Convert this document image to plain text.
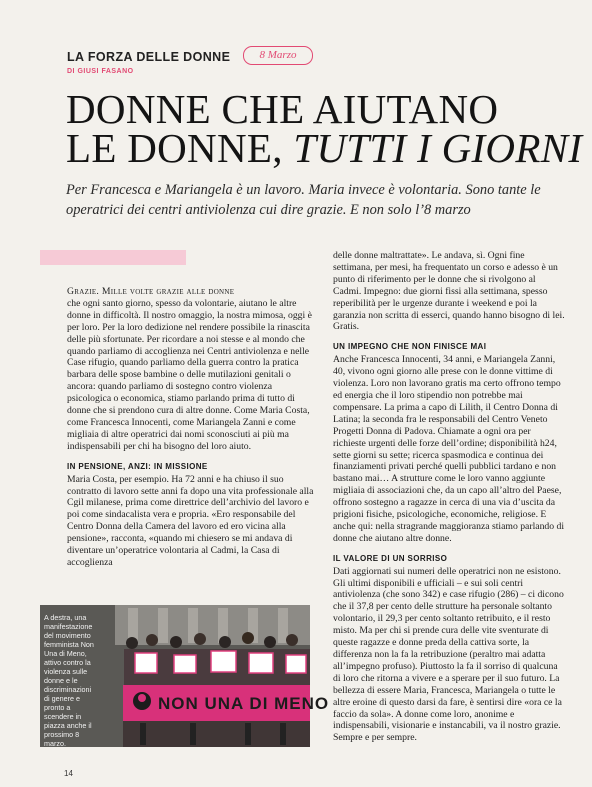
LA FORZA DELLE DONNE	8 Marzo
DI GIUSI FASANO
DONNE CHE AIUTANO
LE DONNE, TUTTI I GIORNI
Per Francesca e Mariangela è un lavoro. Maria invece è volontaria. Sono tante le operatrici dei centri antiviolenza cui dire grazie. E non solo l’8 marzo

Grazie. Mille volte grazie alle donne
che ogni santo giorno, spesso da volontarie, aiutano le altre donne in difficoltà. Il nostro omaggio, la nostra mimosa, oggi è per loro. Per la loro dedizione nel rendere possibile la rinascita delle più sfortunate. Per ricordare a noi stesse e al mondo che quando parliamo di accoglienza nei Centri antiviolenza e nelle Case rifugio, quando parliamo della guerra contro la pratica barbara delle spose bambine o delle mutilazioni genitali o ancora: quando parliamo di sostegno contro violenza psicologica o economica, stiamo parlando prima di tutto di donne che si prendono cura di altre donne. Come Maria Costa, come Francesca Innocenti, come Mariangela Zanni e come migliaia di altre operatrici dai nomi sconosciuti ai più ma indispensabili per chi ha bisogno del loro aiuto.

IN PENSIONE, ANZI: IN MISSIONE

Maria Costa, per esempio. Ha 72 anni e ha chiuso il suo contratto di lavoro sette anni fa dopo una vita professionale alla Cgil milanese, prima come direttrice dell’archivio del lavoro e poi come sindacalista vera e propria. «Ero responsabile del Centro Donna della Camera del lavoro ed ero vicina alla pensione», racconta, «quando mi chiesero se mi andava di diventare un’operatrice volontaria al Cadmi, la Casa di accoglienza

delle donne maltrattate». Le andava, sì. Ogni fine settimana, per mesi, ha frequentato un corso e adesso è un punto di riferimento per le donne che si rivolgono al Cadmi. Impegno: due giorni fissi alla settimana, spesso reperibilità per le urgenze durante i weekend e poi la garanzia non scritta di esserci, quando hanno bisogno di lei. Gratis.

UN IMPEGNO CHE NON FINISCE MAI

Anche Francesca Innocenti, 34 anni, e Mariangela Zanni, 40, vivono ogni giorno alle prese con le donne vittime di violenza. Loro non lavorano gratis ma certo offrono tempo ed energia che il loro stipendio non potrebbe mai compensare. La prima a capo di Lilith, il Centro Donna di Latina; la seconda fra le responsabili del Centro Veneto Progetti Donna di Padova. Chiamate a ogni ora per richieste urgenti delle forze dell’ordine; disponibilità h24, sette giorni su sette; ricerca spasmodica e continua dei finanziamenti privati perché quelli pubblici tardano e non bastano mai… A strutture come le loro vanno aggiunte migliaia di associazioni che, da un capo all’altro del Paese, offrono sostegno a ragazze in cerca di una via d’uscita da prigioni fisiche, psicologiche, economiche, religiose. E anche qui: nella stragrande maggioranza stiamo parlando di donne che aiutano altre donne.

IL VALORE DI UN SORRISO

Dati aggiornati sui numeri delle operatrici non ne esistono. Gli ultimi disponibili e ufficiali – e sui soli centri antiviolenza (che sono 342) e case rifugio (286) – ci dicono che il 37,8 per cento delle strutture ha personale soltanto volontario, il 29,3 per cento soltanto retribuito, e il resto misto. Ma per chi si prende cura delle vite sventurate di queste ragazze e donne preda della cattiva sorte, la differenza non la fa la retribuzione (peraltro mai adatta all’impegno profuso). Piuttosto la fa il sorriso di qualcuna di loro che ritorna a vivere e a sperare per il suo futuro. La bellezza di essere Maria, Francesca, Mariangela o tutte le altre eroine di questo darsi da fare, è sentirsi dire «ora ce la faccio da sola». A donne come loro, anonime e indispensabili, visionarie e instancabili, va il nostro grazie. Sempre e per sempre.

NON UNA DI MENO
A destra, una manifestazione del movimento femminista Non Una di Meno, attivo contro la violenza sulle donne e le discriminazioni di genere e pronto a scendere in piazza anche il prossimo 8 marzo.
14
